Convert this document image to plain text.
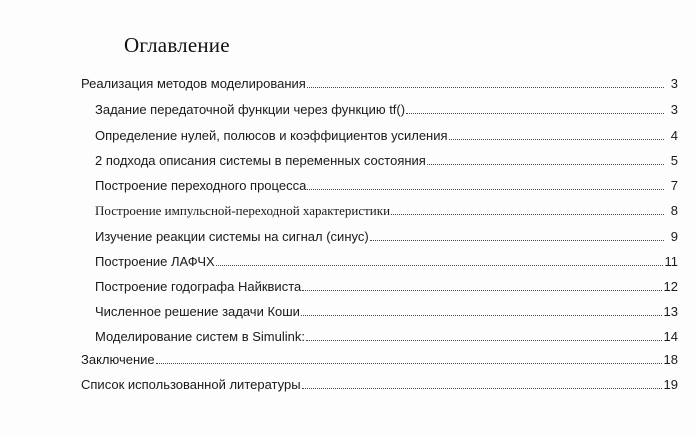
Оглавление
Реализация методов моделирования	3
Задание передаточной функции через функцию tf()	3
Определение нулей, полюсов и коэффициентов усиления	4
2 подхода описания системы в переменных состояния	5
Построение переходного процесса	7
Построение импульсной-переходной характеристики	8
Изучение реакции системы на сигнал (синус)	9
Построение ЛАФЧХ	11
Построение годографа Найквиста	12
Численное решение задачи Коши	13
Моделирование систем в Simulink:	14
Заключение	18
Список использованной литературы	19
